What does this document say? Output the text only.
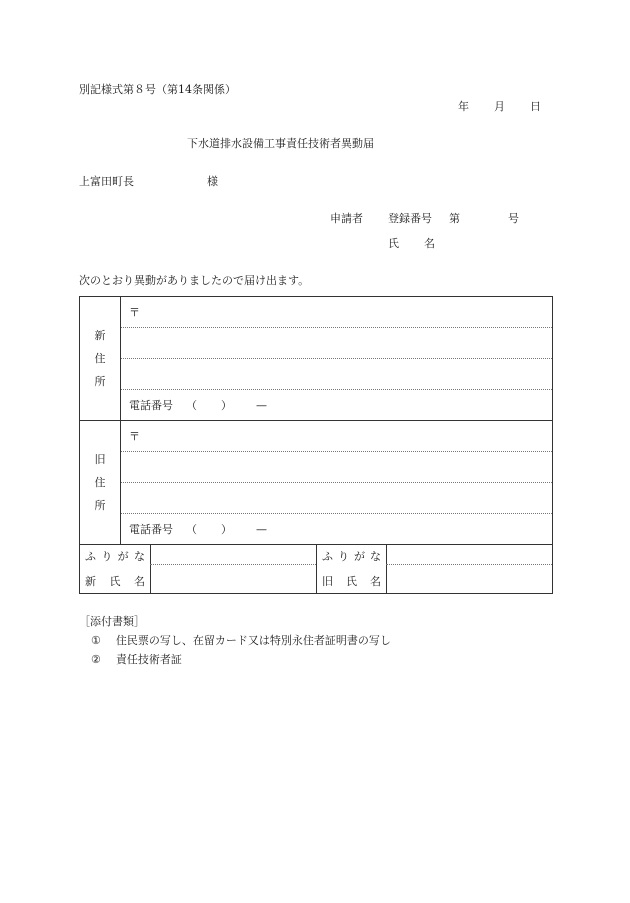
別記様式第８号（第14条関係）
年 月 日
下水道排水設備工事責任技術者異動届
上富田町長	様
申請者 登録番号 第	号
氏 名
次のとおり異動がありましたので届け出ます。
新
住
所
〒
電話番号 （ ） —
旧
住
所
〒
電話番号 （ ） —
ふ り が な
新 氏 名
ふ り が な
旧 氏 名
［添付書類］
① 住民票の写し、在留カード又は特別永住者証明書の写し
② 責任技術者証
